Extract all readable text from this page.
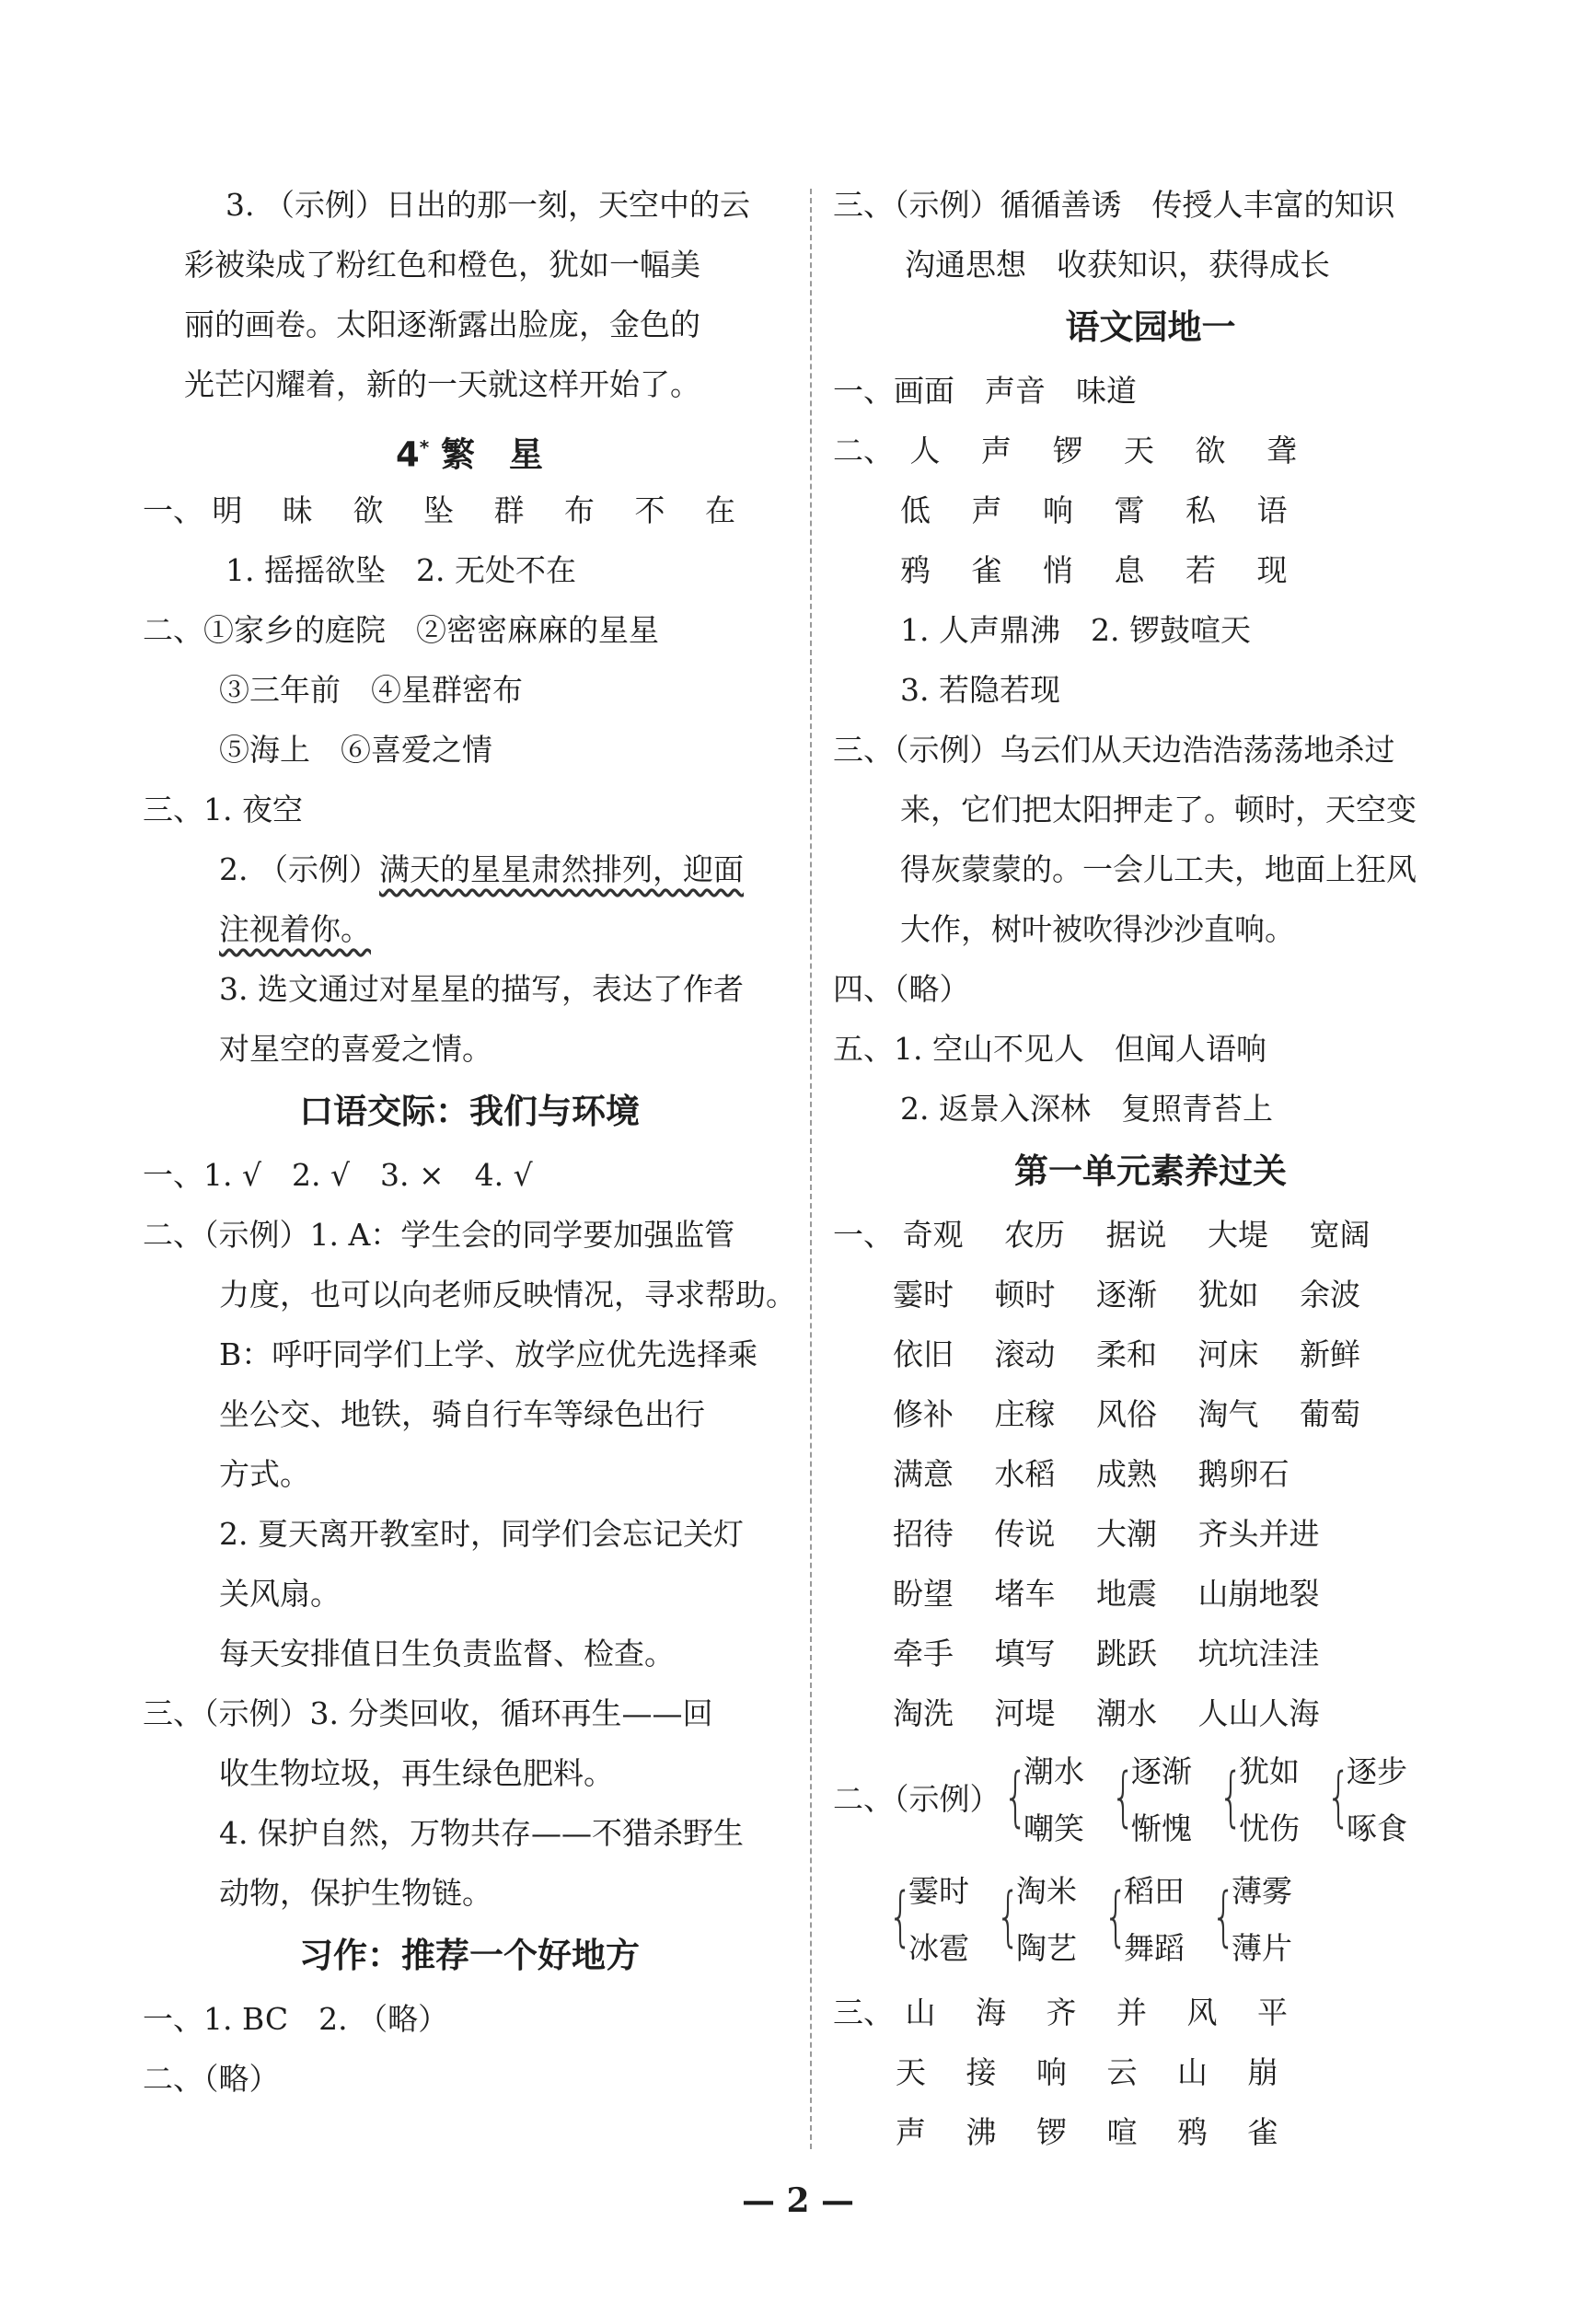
3. （示例）日出的那一刻，天空中的云
彩被染成了粉红色和橙色，犹如一幅美
丽的画卷。太阳逐渐露出脸庞，金色的
光芒闪耀着，新的一天就这样开始了。
4* 繁　星
一、 明 昧 欲 坠 群 布 不 在
1. 摇摇欲坠　2. 无处不在
二、①家乡的庭院　②密密麻麻的星星
③三年前　④星群密布
⑤海上　⑥喜爱之情
三、1. 夜空
2. （示例）满天的星星肃然排列，迎面
注视着你。
3. 选文通过对星星的描写，表达了作者
对星空的喜爱之情。
口语交际：我们与环境
一、1. √　2. √　3. ×　4. √
二、（示例）1. A：学生会的同学要加强监管
力度，也可以向老师反映情况，寻求帮助。
B：呼吁同学们上学、放学应优先选择乘
坐公交、地铁，骑自行车等绿色出行
方式。
2. 夏天离开教室时，同学们会忘记关灯
关风扇。
每天安排值日生负责监督、检查。
三、（示例）3. 分类回收，循环再生——回
收生物垃圾，再生绿色肥料。
4. 保护自然，万物共存——不猎杀野生
动物，保护生物链。
习作：推荐一个好地方
一、1. BC　2. （略）
二、（略）
三、（示例）循循善诱　传授人丰富的知识
沟通思想　收获知识，获得成长
语文园地一
一、画面　声音　味道
二、 人 声 锣 天 欲 聋
低 声 响 霄 私 语
鸦 雀 悄 息 若 现
1. 人声鼎沸　2. 锣鼓喧天
3. 若隐若现
三、（示例）乌云们从天边浩浩荡荡地杀过
来，它们把太阳押走了。顿时，天空变
得灰蒙蒙的。一会儿工夫，地面上狂风
大作，树叶被吹得沙沙直响。
四、（略）
五、1. 空山不见人　但闻人语响
2. 返景入深林　复照青苔上
第一单元素养过关
一、 奇观 农历 据说 大堤 宽阔
霎时 顿时 逐渐 犹如 余波
依旧 滚动 柔和 河床 新鲜
修补 庄稼 风俗 淘气 葡萄
满意 水稻 成熟 鹅卵石
招待 传说 大潮 齐头并进
盼望 堵车 地震 山崩地裂
牵手 填写 跳跃 坑坑洼洼
淘洗 河堤 潮水 人山人海
二、（示例） {
潮水
嘲笑 {
逐渐
惭愧 {
犹如
忧伤 {
逐步
啄食
{
霎时
冰雹 {
淘米
陶艺 {
稻田
舞蹈 {
薄雾
薄片
三、 山 海 齐 并 风 平
天 接 响 云 山 崩
声 沸 锣 喧 鸦 雀
— 2 —
